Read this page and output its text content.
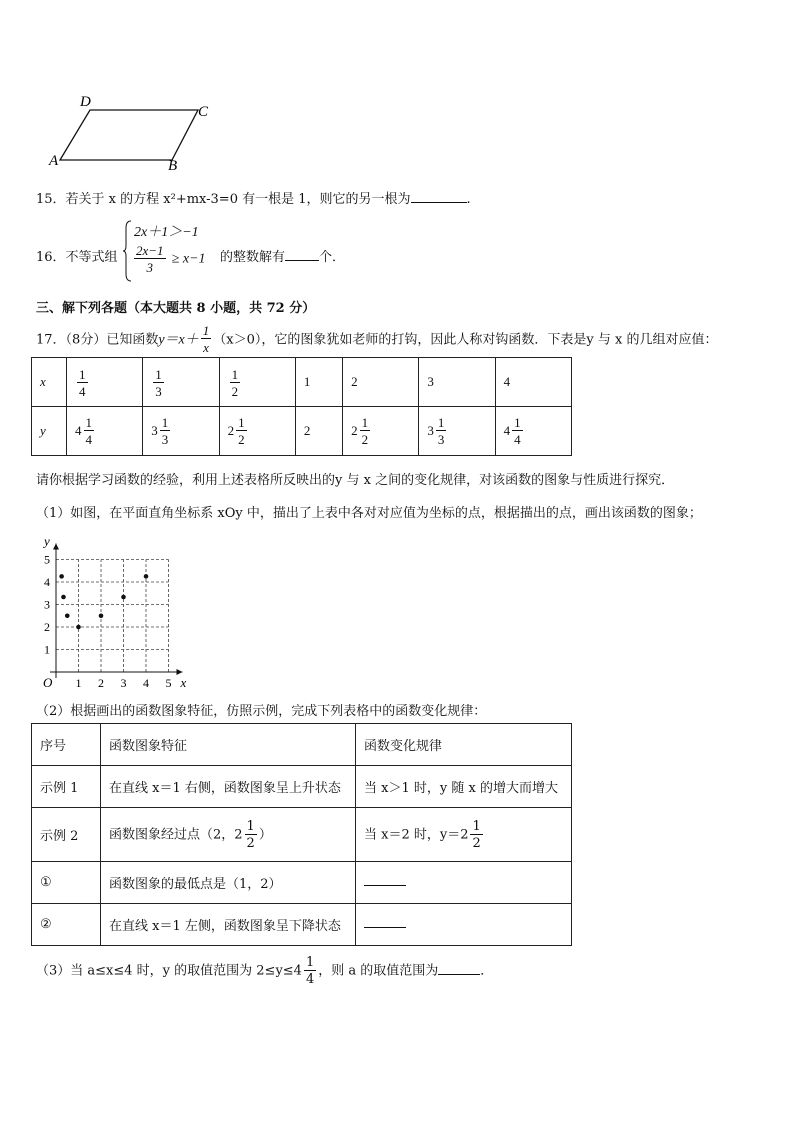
D
C
A	B
15．若关于 x 的方程 x²+mx-3=0 有一根是 1，则它的另一根为	.
16．不等式组
2x＋1＞−1
$\frac{2x-1}{3} \ge x-1$ 的整数解有	个．
三、解下列各题（本大题共 8 小题，共 72 分）
17．（8分）已知函数$y=x+ \frac{1}{x} (x>0)$，它的图象犹如老师的打钩，因此人称对钩函数．下表是y 与 x 的几组对应值：
x	$\frac{1}{4}$	$\frac{1}{3}$	$\frac{1}{2}$	1	2	3	4

y	$4 \frac{1}{4}$	$3 \frac{1}{3}$	$2 \frac{1}{2}$	2	$2 \frac{1}{2}$	$3 \frac{1}{3}$	$4 \frac{1}{4}$
请你根据学习函数的经验，利用上述表格所反映出的y 与 x 之间的变化规律，对该函数的图象与性质进行探究．
（1）如图，在平面直角坐标系 xOy 中，描出了上表中各对对应值为坐标的点，根据描出的点，画出该函数的图象；
1 2 3 4 5
1
2
3
4
5
O	x
y
（2）根据画出的函数图象特征，仿照示例，完成下列表格中的函数变化规律：
序号	函数图象特征	函数变化规律
示例 1	在直线 x＝1 右侧，函数图象呈上升状态	当 x＞1 时，y 随 x 的增大而增大
示例 2	函数图象经过点（2，$2 \frac{1}{2}$ ）	当 x＝2 时，$y=2 \frac{1}{2}$

①	函数图象的最低点是（1，2）	
②	在直线 x＝1 左侧，函数图象呈下降状态	
（3）当 a≤x≤4 时，y 的取值范围为 $2\le y\le 4 \frac{1}{4}$ ，则 a 的取值范围为	．
